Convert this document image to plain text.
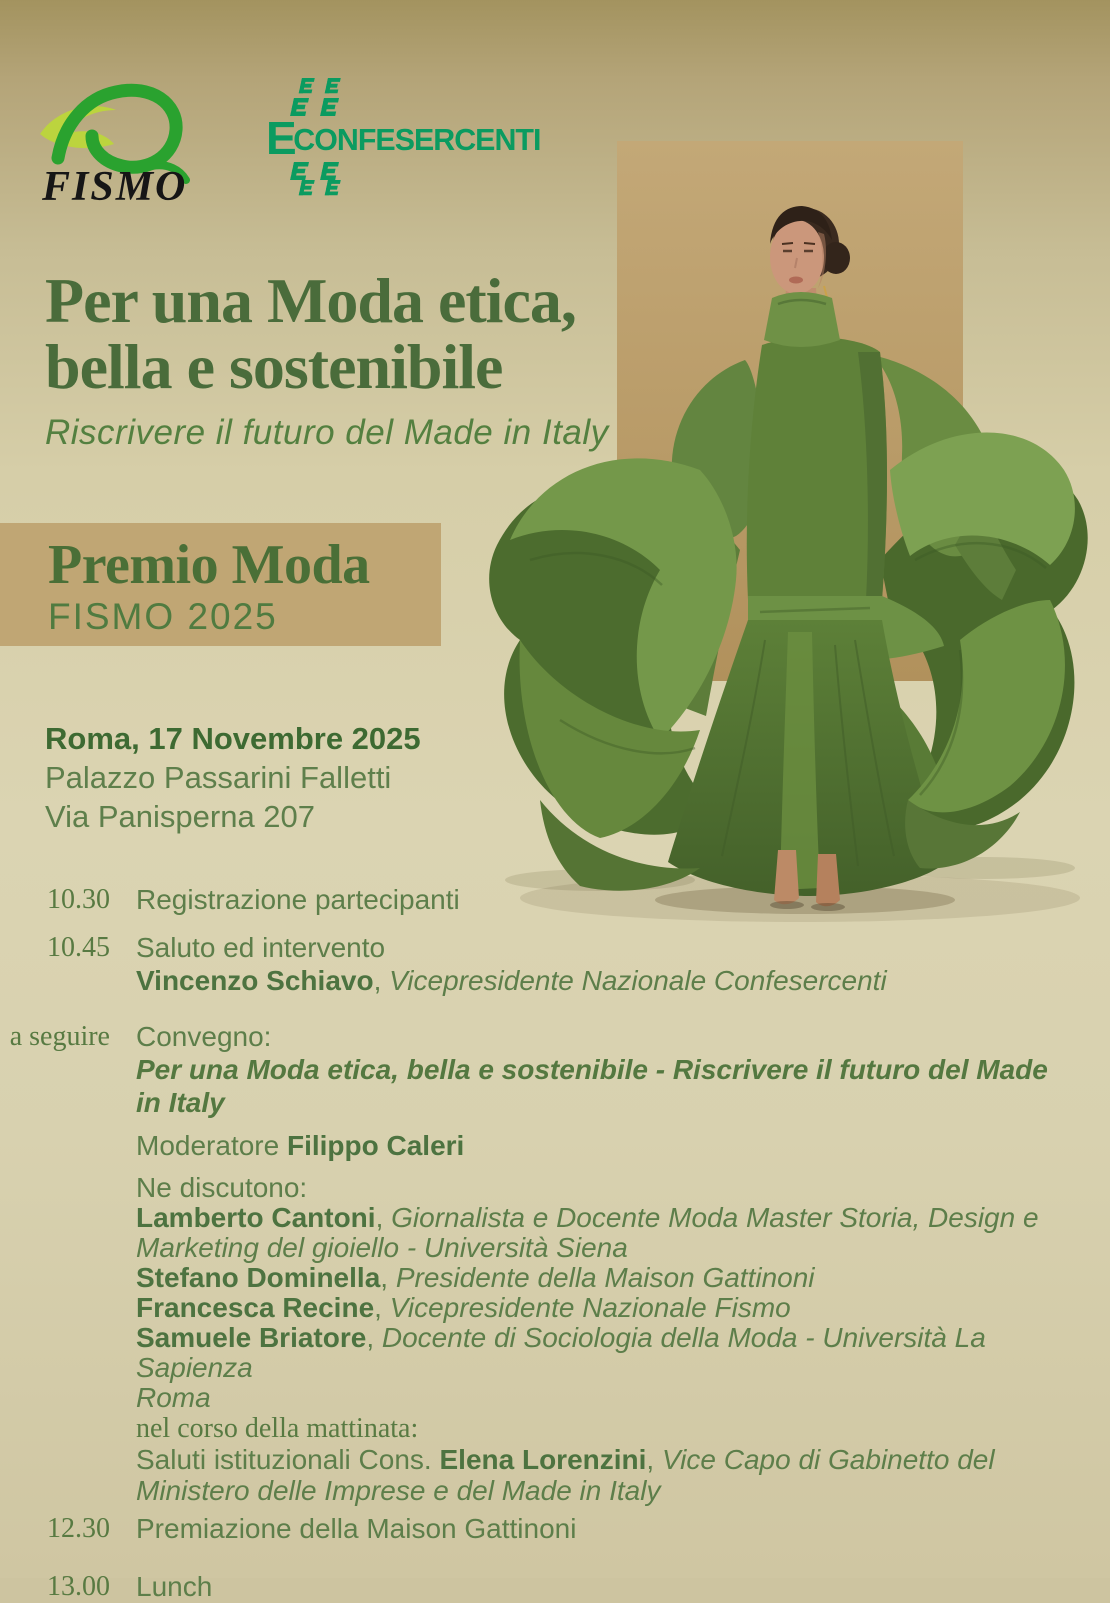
FISMO
E
CONFESERCENTI
Per una Moda etica,
bella e sostenibile
Riscrivere il futuro del Made in Italy
Premio Moda
FISMO 2025
Roma, 17 Novembre 2025
Palazzo Passarini Falletti
Via Panisperna 207
10.30 Registrazione partecipanti
10.45 Saluto ed intervento
Vincenzo Schiavo, Vicepresidente Nazionale Confesercenti
a seguire Convegno:
Per una Moda etica, bella e sostenibile - Riscrivere il futuro del Made in Italy
Moderatore Filippo Caleri
Ne discutono:
Lamberto Cantoni, Giornalista e Docente Moda Master Storia, Design e
Marketing del gioiello - Università Siena
Stefano Dominella, Presidente della Maison Gattinoni
Francesca Recine, Vicepresidente Nazionale Fismo
Samuele Briatore, Docente di Sociologia della Moda - Università La Sapienza
Roma
nel corso della mattinata:
Saluti istituzionali Cons. Elena Lorenzini, Vice Capo di Gabinetto del
Ministero delle Imprese e del Made in Italy
12.30 Premiazione della Maison Gattinoni
13.00 Lunch
